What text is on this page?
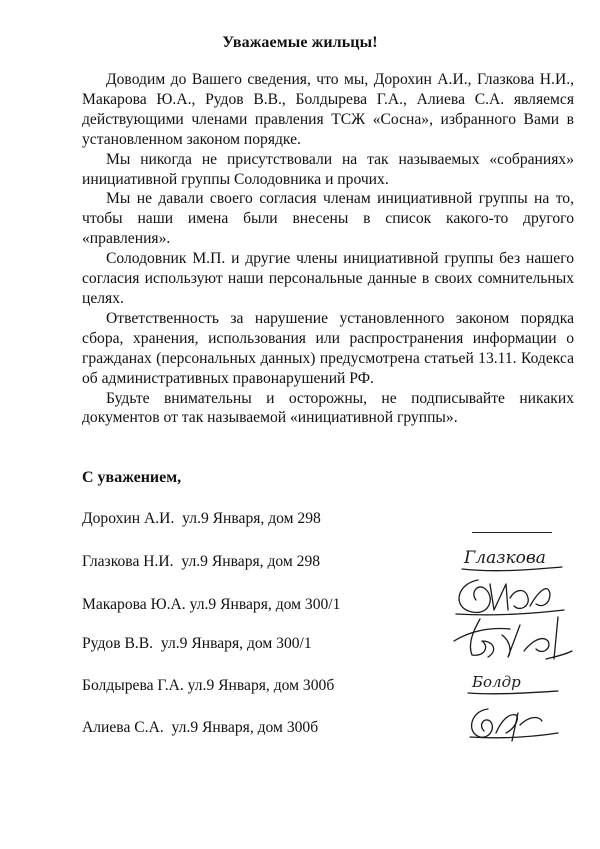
Уважаемые жильцы!

Доводим до Вашего сведения, что мы, Дорохин А.И., Глазкова Н.И., Макарова Ю.А., Рудов В.В., Болдырева Г.А., Алиева С.А. являемся действующими членами правления ТСЖ «Сосна», избранного Вами в установленном законом порядке.

Мы никогда не присутствовали на так называемых «собраниях» инициативной группы Солодовника и прочих.

Мы не давали своего согласия членам инициативной группы на то, чтобы наши имена были внесены в список какого-то другого «правления».

Солодовник М.П. и другие члены инициативной группы без нашего согласия используют наши персональные данные в своих сомнительных целях.

Ответственность за нарушение установленного законом порядка сбора, хранения, использования или распространения информации о гражданах (персональных данных) предусмотрена статьей 13.11. Кодекса об административных правонарушений РФ.

Будьте внимательны и осторожны, не подписывайте никаких документов от так называемой «инициативной группы».

С уважением,
Дорохин А.И. ул.9 Января, дом 298
Глазкова Н.И. ул.9 Января, дом 298	Глазкова
Макарова Ю.А. ул.9 Января, дом 300/1
Рудов В.В. ул.9 Января, дом 300/1
Болдырева Г.А. ул.9 Января, дом 300б	Болдр
Алиева С.А. ул.9 Января, дом 300б
